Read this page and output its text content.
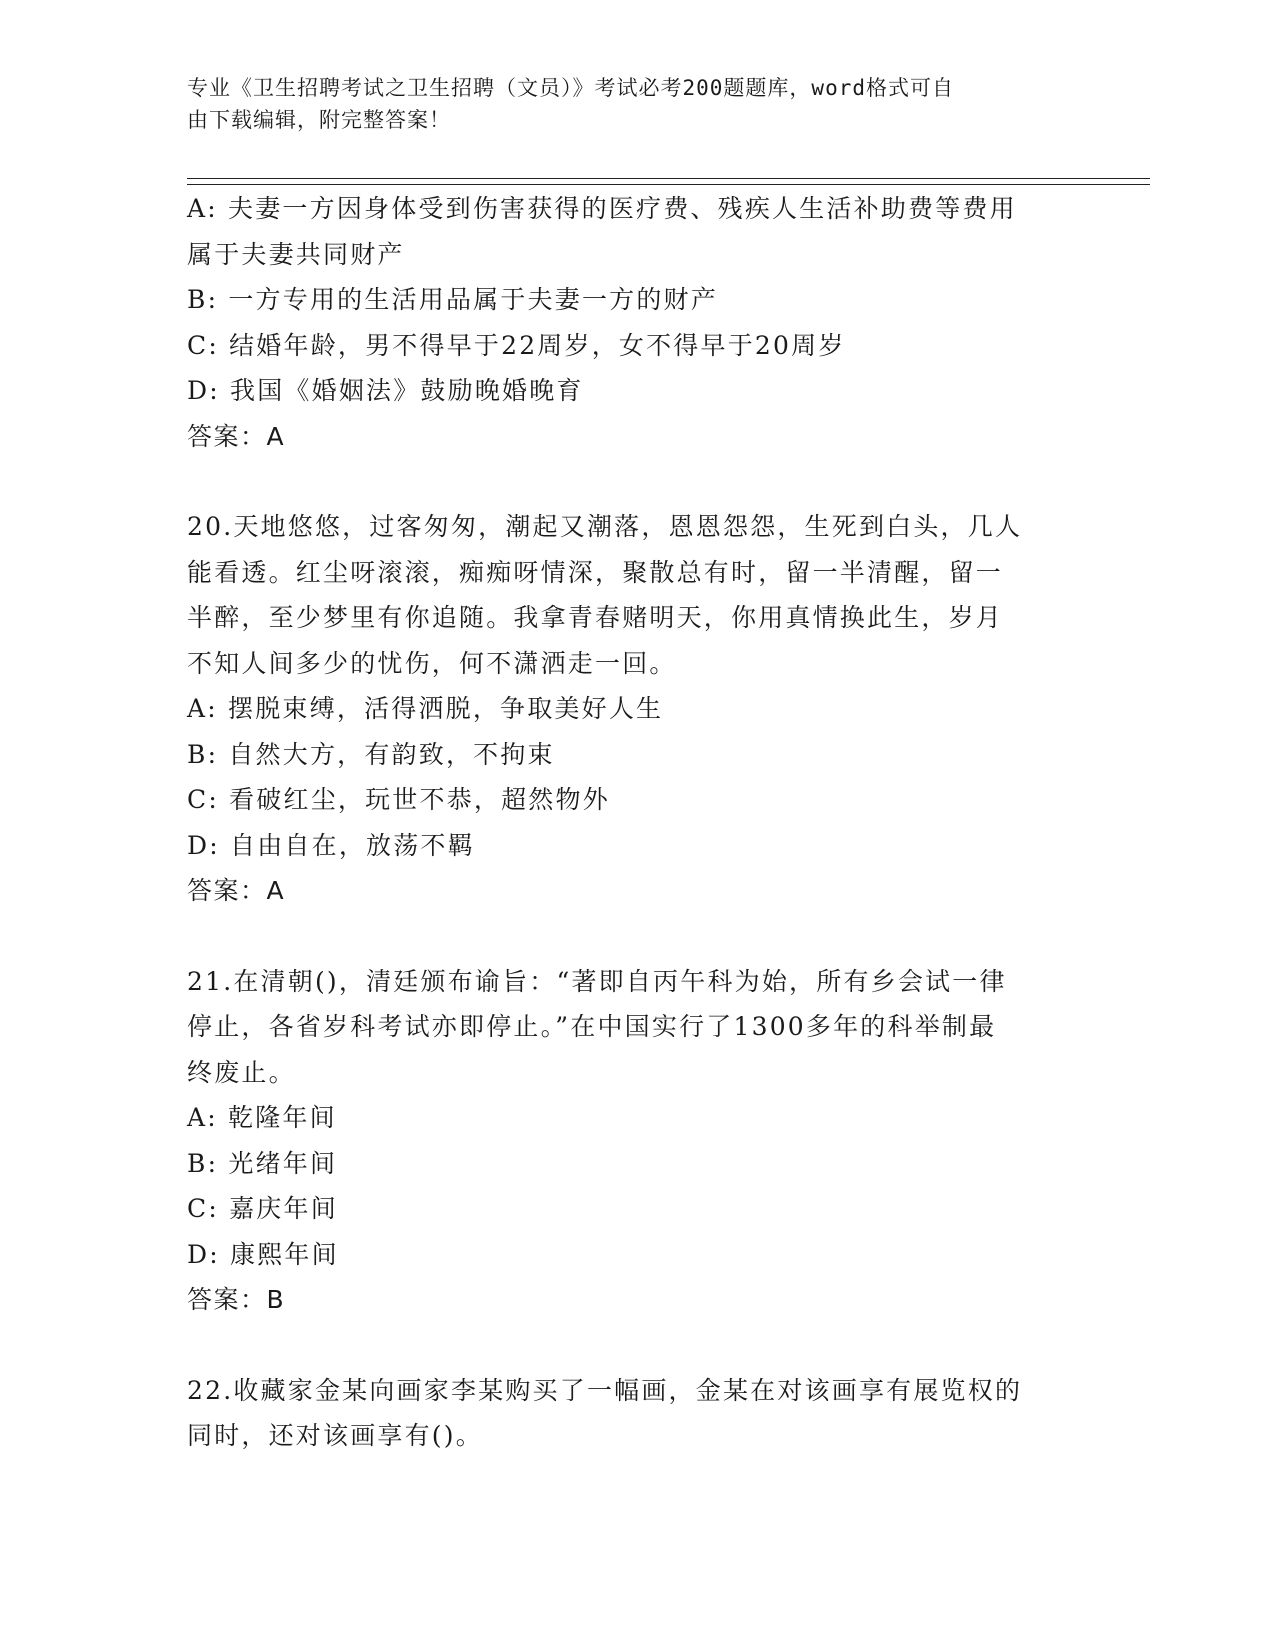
专业《卫生招聘考试之卫生招聘（文员）》考试必考200题题库，word格式可自
由下载编辑，附完整答案！
A: 夫妻一方因身体受到伤害获得的医疗费、残疾人生活补助费等费用
属于夫妻共同财产
B: 一方专用的生活用品属于夫妻一方的财产
C: 结婚年龄，男不得早于22周岁，女不得早于20周岁
D: 我国《婚姻法》鼓励晚婚晚育
答案：A
20.天地悠悠，过客匆匆，潮起又潮落，恩恩怨怨，生死到白头，几人
能看透。红尘呀滚滚，痴痴呀情深，聚散总有时，留一半清醒，留一
半醉，至少梦里有你追随。我拿青春赌明天，你用真情换此生，岁月
不知人间多少的忧伤，何不潇洒走一回。
A: 摆脱束缚，活得洒脱，争取美好人生
B: 自然大方，有韵致，不拘束
C: 看破红尘，玩世不恭，超然物外
D: 自由自在，放荡不羁
答案：A
21.在清朝()，清廷颁布谕旨：“著即自丙午科为始，所有乡会试一律
停止，各省岁科考试亦即停止。”在中国实行了1300多年的科举制最
终废止。
A: 乾隆年间
B: 光绪年间
C: 嘉庆年间
D: 康熙年间
答案：B
22.收藏家金某向画家李某购买了一幅画，金某在对该画享有展览权的
同时，还对该画享有()。
